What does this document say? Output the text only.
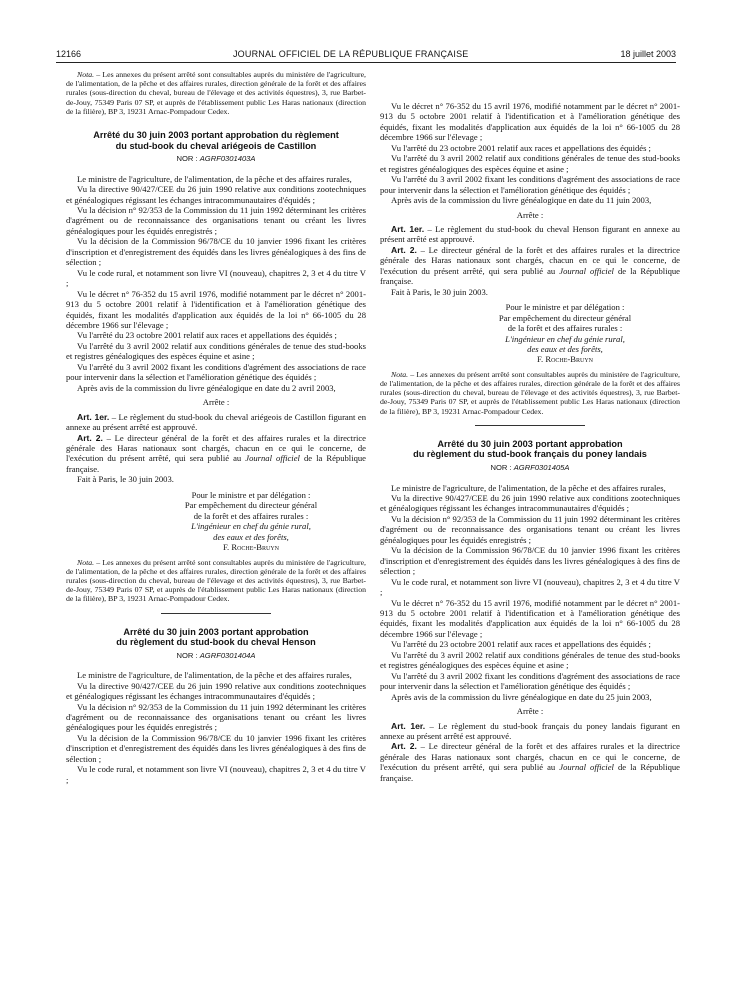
12166	JOURNAL OFFICIEL DE LA RÉPUBLIQUE FRANÇAISE	18 juillet 2003

Nota. – Les annexes du présent arrêté sont consultables auprès du ministère de l'agriculture, de l'alimentation, de la pêche et des affaires rurales, direction générale de la forêt et des affaires rurales (sous-direction du cheval, bureau de l'élevage et des activités équestres), 3, rue Barbet-de-Jouy, 75349 Paris 07 SP, et auprès de l'établissement public Les Haras nationaux (direction de la filière), BP 3, 19231 Arnac-Pompadour Cedex.

Arrêté du 30 juin 2003 portant approbation du règlement
du stud-book du cheval ariégeois de Castillon
NOR : AGRF0301403A

Le ministre de l'agriculture, de l'alimentation, de la pêche et des affaires rurales,

Vu la directive 90/427/CEE du 26 juin 1990 relative aux conditions zootechniques et généalogiques régissant les échanges intracommunautaires d'équidés ;

Vu la décision n° 92/353 de la Commission du 11 juin 1992 déterminant les critères d'agrément ou de reconnaissance des organisations tenant ou créant les livres généalogiques pour les équidés enregistrés ;

Vu la décision de la Commission 96/78/CE du 10 janvier 1996 fixant les critères d'inscription et d'enregistrement des équidés dans les livres généalogiques à des fins de sélection ;

Vu le code rural, et notamment son livre VI (nouveau), chapitres 2, 3 et 4 du titre V ;

Vu le décret n° 76-352 du 15 avril 1976, modifié notamment par le décret n° 2001-913 du 5 octobre 2001 relatif à l'identification et à l'amélioration génétique des équidés, fixant les modalités d'application aux équidés de la loi n° 66-1005 du 28 décembre 1966 sur l'élevage ;

Vu l'arrêté du 23 octobre 2001 relatif aux races et appellations des équidés ;

Vu l'arrêté du 3 avril 2002 relatif aux conditions générales de tenue des stud-books et registres généalogiques des espèces équine et asine ;

Vu l'arrêté du 3 avril 2002 fixant les conditions d'agrément des associations de race pour intervenir dans la sélection et l'amélioration génétique des équidés ;

Après avis de la commission du livre généalogique en date du 2 avril 2003,

Arrête :

Art. 1er. – Le règlement du stud-book du cheval ariégeois de Castillon figurant en annexe au présent arrêté est approuvé.

Art. 2. – Le directeur général de la forêt et des affaires rurales et la directrice générale des Haras nationaux sont chargés, chacun en ce qui le concerne, de l'exécution du présent arrêté, qui sera publié au Journal officiel de la République française.

Fait à Paris, le 30 juin 2003.

Pour le ministre et par délégation :
Par empêchement du directeur général
de la forêt et des affaires rurales :
L'ingénieur en chef du génie rural,
des eaux et des forêts,
F. Roche-Bruyn

Nota. – Les annexes du présent arrêté sont consultables auprès du ministère de l'agriculture, de l'alimentation, de la pêche et des affaires rurales, direction générale de la forêt et des affaires rurales (sous-direction du cheval, bureau de l'élevage et des activités équestres), 3, rue Barbet-de-Jouy, 75349 Paris 07 SP, et auprès de l'établissement public Les Haras nationaux (direction de la filière), BP 3, 19231 Arnac-Pompadour Cedex.

Arrêté du 30 juin 2003 portant approbation
du règlement du stud-book du cheval Henson
NOR : AGRF0301404A

Le ministre de l'agriculture, de l'alimentation, de la pêche et des affaires rurales,

Vu la directive 90/427/CEE du 26 juin 1990 relative aux conditions zootechniques et généalogiques régissant les échanges intracommunautaires d'équidés ;

Vu la décision n° 92/353 de la Commission du 11 juin 1992 déterminant les critères d'agrément ou de reconnaissance des organisations tenant ou créant les livres généalogiques pour les équidés enregistrés ;

Vu la décision de la Commission 96/78/CE du 10 janvier 1996 fixant les critères d'inscription et d'enregistrement des équidés dans les livres généalogiques à des fins de sélection ;

Vu le code rural, et notamment son livre VI (nouveau), chapitres 2, 3 et 4 du titre V ;

Vu le décret n° 76-352 du 15 avril 1976, modifié notamment par le décret n° 2001-913 du 5 octobre 2001 relatif à l'identification et à l'amélioration génétique des équidés, fixant les modalités d'application aux équidés de la loi n° 66-1005 du 28 décembre 1966 sur l'élevage ;

Vu l'arrêté du 23 octobre 2001 relatif aux races et appellations des équidés ;

Vu l'arrêté du 3 avril 2002 relatif aux conditions générales de tenue des stud-books et registres généalogiques des espèces équine et asine ;

Vu l'arrêté du 3 avril 2002 fixant les conditions d'agrément des associations de race pour intervenir dans la sélection et l'amélioration génétique des équidés ;

Après avis de la commission du livre généalogique en date du 11 juin 2003,

Arrête :

Art. 1er. – Le règlement du stud-book du cheval Henson figurant en annexe au présent arrêté est approuvé.

Art. 2. – Le directeur général de la forêt et des affaires rurales et la directrice générale des Haras nationaux sont chargés, chacun en ce qui le concerne, de l'exécution du présent arrêté, qui sera publié au Journal officiel de la République française.

Fait à Paris, le 30 juin 2003.

Pour le ministre et par délégation :
Par empêchement du directeur général
de la forêt et des affaires rurales :
L'ingénieur en chef du génie rural,
des eaux et des forêts,
F. Roche-Bruyn

Nota. – Les annexes du présent arrêté sont consultables auprès du ministère de l'agriculture, de l'alimentation, de la pêche et des affaires rurales, direction générale de la forêt et des affaires rurales (sous-direction du cheval, bureau de l'élevage et des activités équestres), 3, rue Barbet-de-Jouy, 75349 Paris 07 SP, et auprès de l'établissement public Les Haras nationaux (direction de la filière), BP 3, 19231 Arnac-Pompadour Cedex.

Arrêté du 30 juin 2003 portant approbation
du règlement du stud-book français du poney landais
NOR : AGRF0301405A

Le ministre de l'agriculture, de l'alimentation, de la pêche et des affaires rurales,

Vu la directive 90/427/CEE du 26 juin 1990 relative aux conditions zootechniques et généalogiques régissant les échanges intracommunautaires d'équidés ;

Vu la décision n° 92/353 de la Commission du 11 juin 1992 déterminant les critères d'agrément ou de reconnaissance des organisations tenant ou créant les livres généalogiques pour les équidés enregistrés ;

Vu la décision de la Commission 96/78/CE du 10 janvier 1996 fixant les critères d'inscription et d'enregistrement des équidés dans les livres généalogiques à des fins de sélection ;

Vu le code rural, et notamment son livre VI (nouveau), chapitres 2, 3 et 4 du titre V ;

Vu le décret n° 76-352 du 15 avril 1976, modifié notamment par le décret n° 2001-913 du 5 octobre 2001 relatif à l'identification et à l'amélioration génétique des équidés, fixant les modalités d'application aux équidés de la loi n° 66-1005 du 28 décembre 1966 sur l'élevage ;

Vu l'arrêté du 23 octobre 2001 relatif aux races et appellations des équidés ;

Vu l'arrêté du 3 avril 2002 relatif aux conditions générales de tenue des stud-books et registres généalogiques des espèces équine et asine ;

Vu l'arrêté du 3 avril 2002 fixant les conditions d'agrément des associations de race pour intervenir dans la sélection et l'amélioration génétique des équidés ;

Après avis de la commission du livre généalogique en date du 25 juin 2003,

Arrête :

Art. 1er. – Le règlement du stud-book français du poney landais figurant en annexe au présent arrêté est approuvé.

Art. 2. – Le directeur général de la forêt et des affaires rurales et la directrice générale des Haras nationaux sont chargés, chacun en ce qui le concerne, de l'exécution du présent arrêté, qui sera publié au Journal officiel de la République française.
